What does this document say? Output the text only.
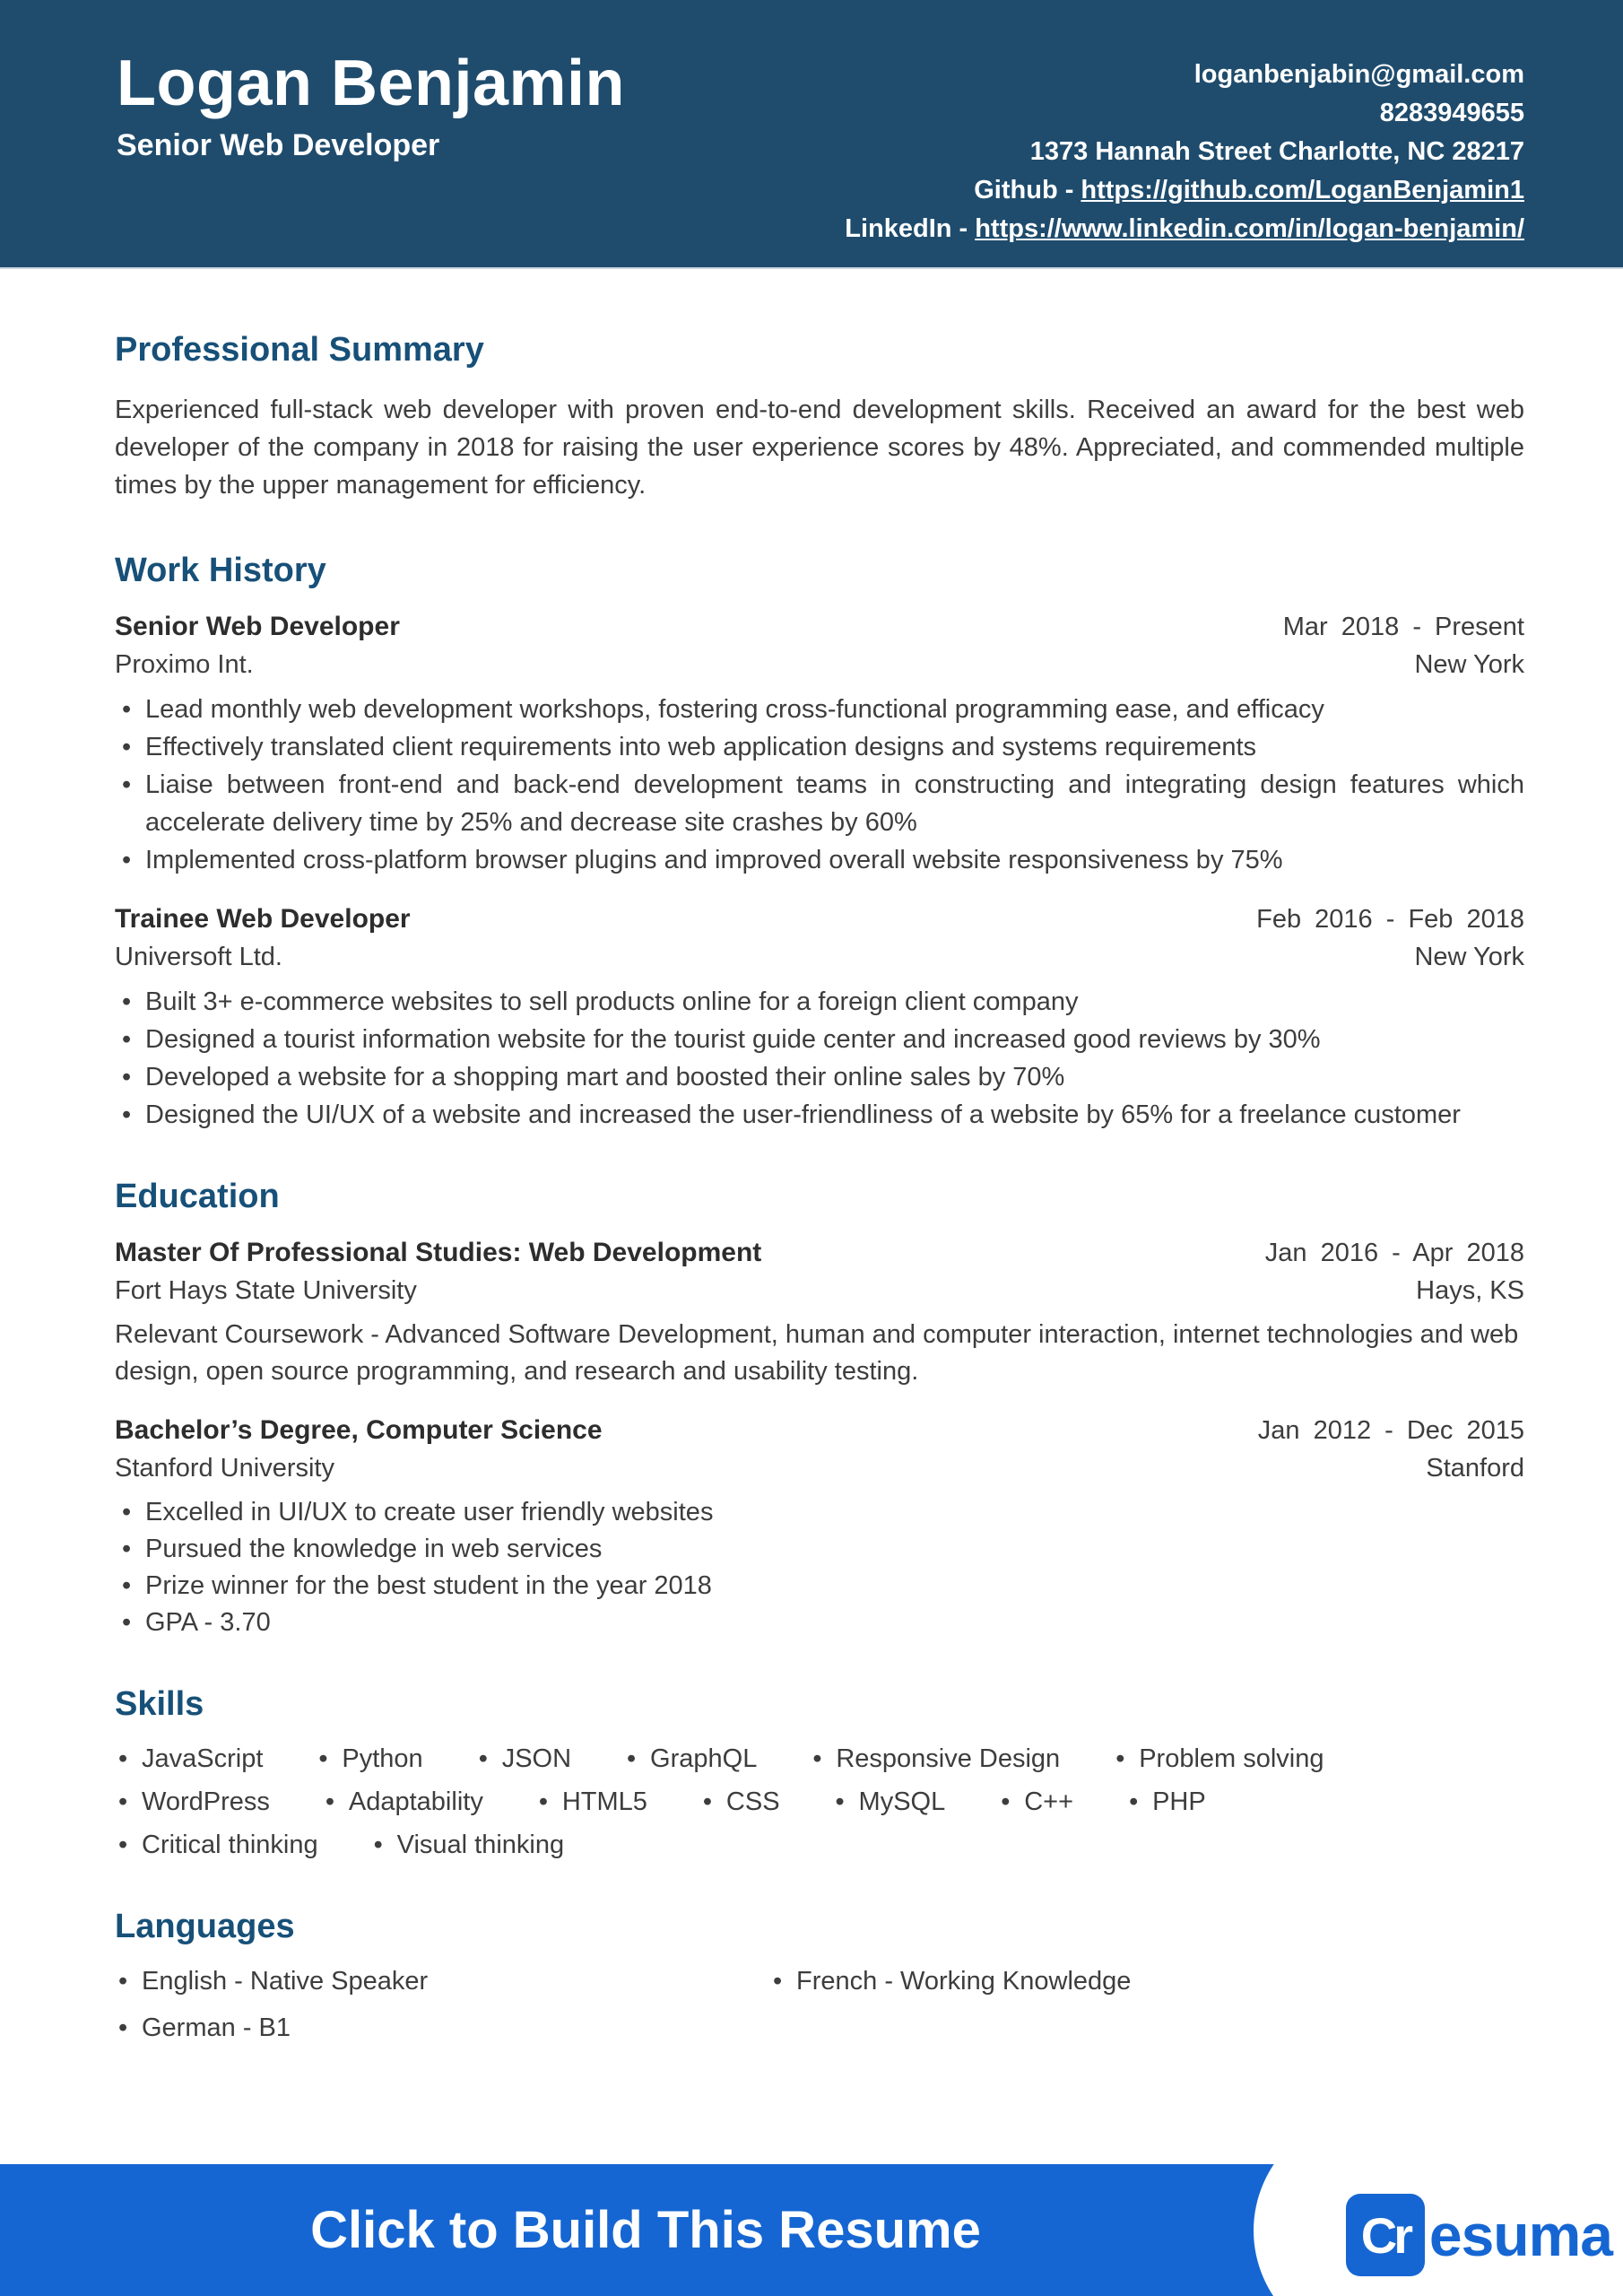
Logan Benjamin
Senior Web Developer
loganbenjabin@gmail.com
8283949655
1373 Hannah Street Charlotte, NC 28217
Github - https://github.com/LoganBenjamin1
LinkedIn - https://www.linkedin.com/in/logan-benjamin/
Professional Summary

Experienced full-stack web developer with proven end-to-end development skills. Received an award for the best web developer of the company in 2018 for raising the user experience scores by 48%. Appreciated, and commended multiple times by the upper management for efficiency.

Work History
Senior Web Developer	Mar 2018 - Present
Proximo Int.	New York
• Lead monthly web development workshops, fostering cross-functional programming ease, and efficacy
• Effectively translated client requirements into web application designs and systems requirements
• Liaise between front-end and back-end development teams in constructing and integrating design features which accelerate delivery time by 25% and decrease site crashes by 60%
• Implemented cross-platform browser plugins and improved overall website responsiveness by 75%
Trainee Web Developer	Feb 2016 - Feb 2018
Universoft Ltd.	New York
• Built 3+ e-commerce websites to sell products online for a foreign client company
• Designed a tourist information website for the tourist guide center and increased good reviews by 30%
• Developed a website for a shopping mart and boosted their online sales by 70%
• Designed the UI/UX of a website and increased the user-friendliness of a website by 65% for a freelance customer
Education
Master Of Professional Studies: Web Development	Jan 2016 - Apr 2018
Fort Hays State University	Hays, KS

Relevant Coursework - Advanced Software Development, human and computer interaction, internet technologies and web design, open source programming, and research and usability testing.

Bachelor’s Degree, Computer Science	Jan 2012 - Dec 2015
Stanford University	Stanford
• Excelled in UI/UX to create user friendly websites
• Pursued the knowledge in web services
• Prize winner for the best student in the year 2018
• GPA - 3.70
Skills
• JavaScript	• Python	• JSON	• GraphQL	• Responsive Design	• Problem solving
• WordPress	• Adaptability	• HTML5	• CSS	• MySQL	• C++	• PHP
• Critical thinking	• Visual thinking
Languages
• English - Native Speaker	• French - Working Knowledge
• German - B1
Click to Build This Resume	Cr esuma
